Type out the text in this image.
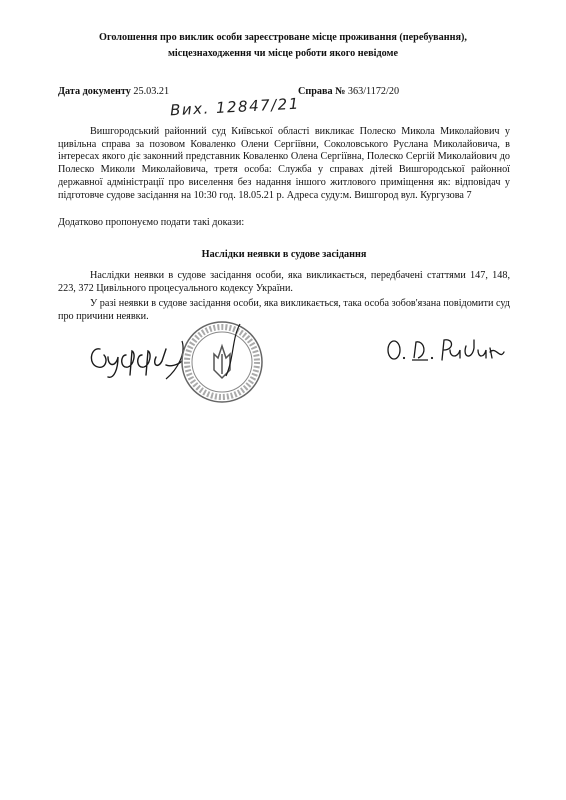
Оголошення про виклик особи зареєстроване місце проживання (перебування),
місцезнаходження чи місце роботи якого невідоме
Дата документу 25.03.21	Справа № 363/1172/20
Вих. 12847/21
Вишгородський районний суд Київської області викликає Полеско Микола Миколайович у цивільна справа за позовом Коваленко Олени Сергіївни, Соколовського Руслана Миколайовича, в інтересах якого діє законний представник Коваленко Олена Сергіївна, Полеско Сергій Миколайович до Полеско Миколи Миколайовича, третя особа: Служба у справах дітей Вишгородської районної державної адміністрації про виселення без надання іншого житлового приміщення як: відповідач у підготовче судове засідання на 10:30 год. 18.05.21 р. Адреса суду:м. Вишгород вул. Кургузова 7
Додатково пропонуємо подати такі докази:
Наслідки неявки в судове засідання
Наслідки неявки в судове засідання особи, яка викликається, передбачені статтями 147, 148, 223, 372 Цивільного процесуального кодексу України.
У разі неявки в судове засідання особи, яка викликається, така особа зобов'язана повідомити суд про причини неявки.
